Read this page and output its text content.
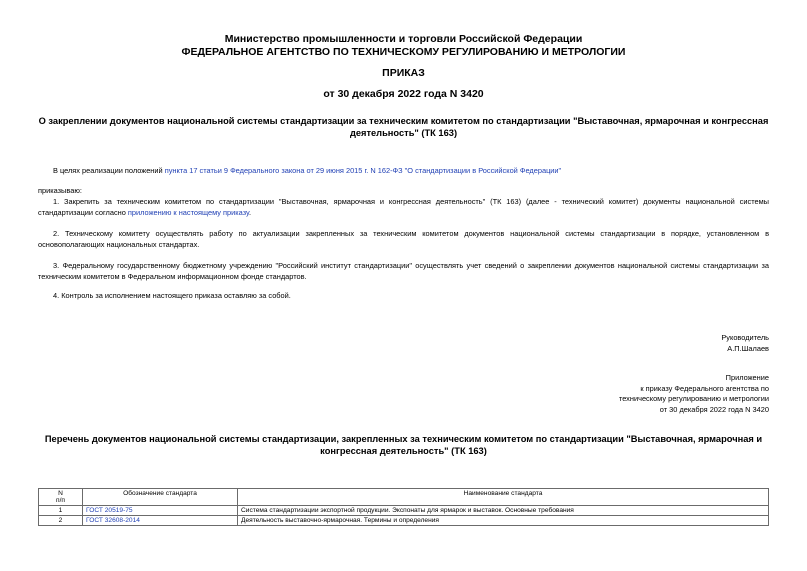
Министерство промышленности и торговли Российской Федерации
ФЕДЕРАЛЬНОЕ АГЕНТСТВО ПО ТЕХНИЧЕСКОМУ РЕГУЛИРОВАНИЮ И МЕТРОЛОГИИ
ПРИКАЗ
от 30 декабря 2022 года N 3420
О закреплении документов национальной системы стандартизации за техническим комитетом по стандартизации "Выставочная, ярмарочная и конгрессная
деятельность" (ТК 163)
В целях реализации положений пункта 17 статьи 9 Федерального закона от 29 июня 2015 г. N 162-ФЗ "О стандартизации в Российской Федерации"
приказываю:
1. Закрепить за техническим комитетом по стандартизации "Выставочная, ярмарочная и конгрессная деятельность" (ТК 163) (далее - технический комитет) документы национальной системы стандартизации согласно приложению к настоящему приказу.
2. Техническому комитету осуществлять работу по актуализации закрепленных за техническим комитетом документов национальной системы стандартизации в порядке, установленном в основополагающих национальных стандартах.
3. Федеральному государственному бюджетному учреждению "Российский институт стандартизации" осуществлять учет сведений о закреплении документов национальной системы стандартизации за техническим комитетом в Федеральном информационном фонде стандартов.
4. Контроль за исполнением настоящего приказа оставляю за собой.
Руководитель
А.П.Шалаев
Приложение
к приказу Федерального агентства по
техническому регулированию и метрологии
от 30 декабря 2022 года N 3420
Перечень документов национальной системы стандартизации, закрепленных за техническим комитетом по стандартизации "Выставочная, ярмарочная и
конгрессная деятельность" (ТК 163)
N
п/п	Обозначение стандарта	Наименование стандарта
1	ГОСТ 20519-75	Система стандартизации экспортной продукции. Экспонаты для ярмарок и выставок. Основные требования
2	ГОСТ 32608-2014	Деятельность выставочно-ярмарочная. Термины и определения
